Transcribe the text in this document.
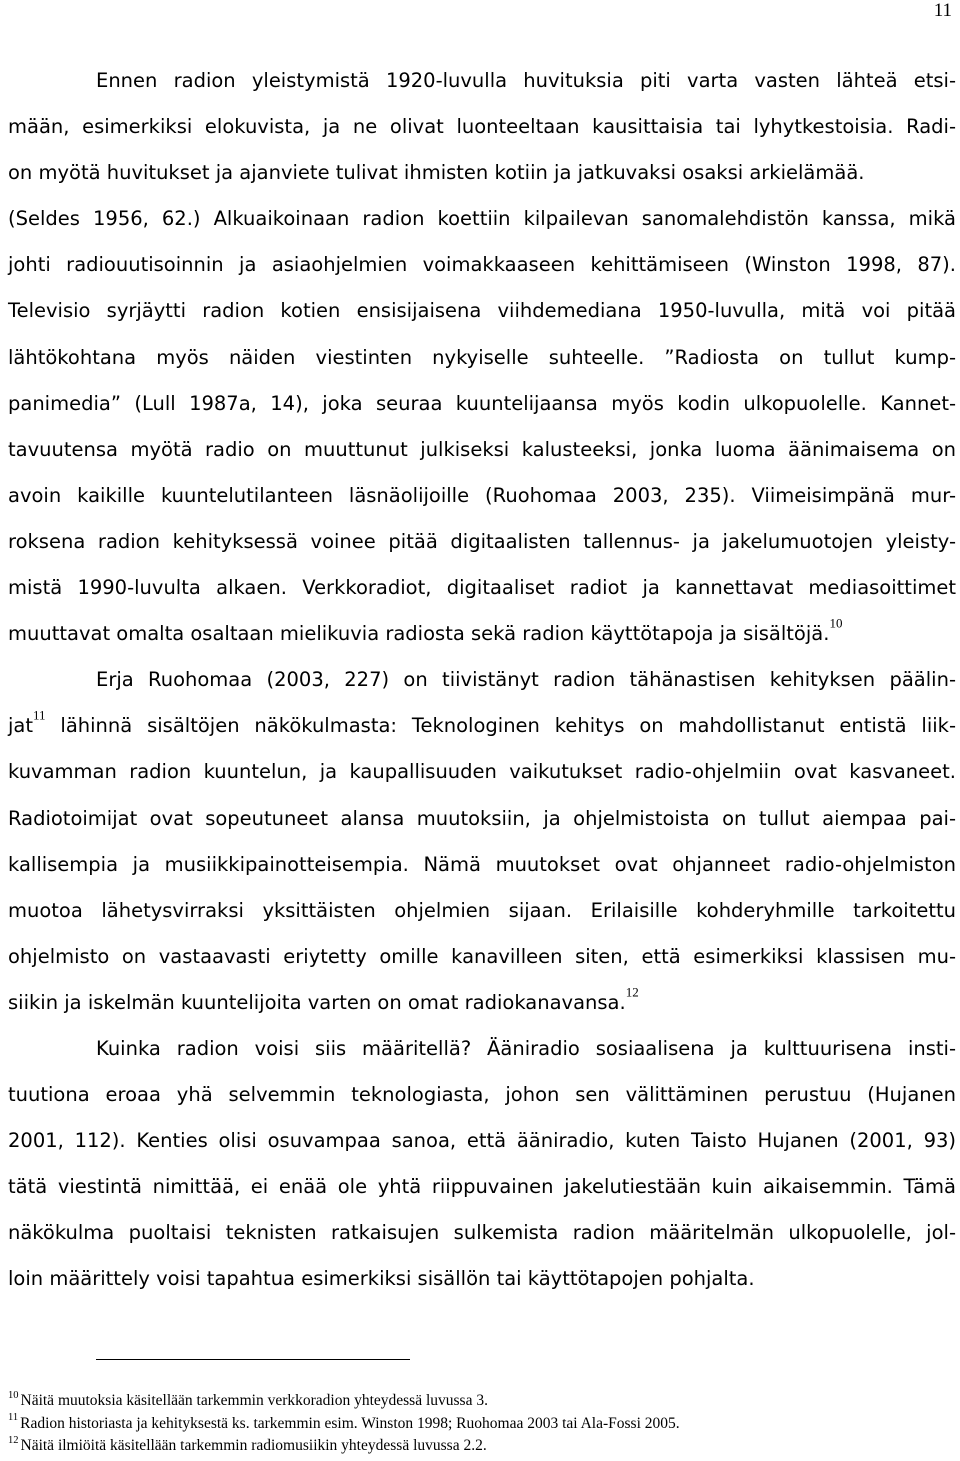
11
Ennen radion yleistymistä 1920-luvulla huvituksia piti varta vasten lähteä etsi-
mään, esimerkiksi elokuvista, ja ne olivat luonteeltaan kausittaisia tai lyhytkestoisia. Radi-
on myötä huvitukset ja ajanviete tulivat ihmisten kotiin ja jatkuvaksi osaksi arkielämää.
(Seldes 1956, 62.) Alkuaikoinaan radion koettiin kilpailevan sanomalehdistön kanssa, mikä
johti radiouutisoinnin ja asiaohjelmien voimakkaaseen kehittämiseen (Winston 1998, 87).
Televisio syrjäytti radion kotien ensisijaisena viihdemediana 1950-luvulla, mitä voi pitää
lähtökohtana myös näiden viestinten nykyiselle suhteelle. ”Radiosta on tullut kump-
panimedia” (Lull 1987a, 14), joka seuraa kuuntelijaansa myös kodin ulkopuolelle. Kannet-
tavuutensa myötä radio on muuttunut julkiseksi kalusteeksi, jonka luoma äänimaisema on
avoin kaikille kuuntelutilanteen läsnäolijoille (Ruohomaa 2003, 235). Viimeisimpänä mur-
roksena radion kehityksessä voinee pitää digitaalisten tallennus- ja jakelumuotojen yleisty-
mistä 1990-luvulta alkaen. Verkkoradiot, digitaaliset radiot ja kannettavat mediasoittimet
muuttavat omalta osaltaan mielikuvia radiosta sekä radion käyttötapoja ja sisältöjä.$^{10}$
Erja Ruohomaa (2003, 227) on tiivistänyt radion tähänastisen kehityksen päälin-
jat$^{11}$ lähinnä sisältöjen näkökulmasta: Teknologinen kehitys on mahdollistanut entistä liik-
kuvamman radion kuuntelun, ja kaupallisuuden vaikutukset radio-ohjelmiin ovat kasvaneet.
Radiotoimijat ovat sopeutuneet alansa muutoksiin, ja ohjelmistoista on tullut aiempaa pai-
kallisempia ja musiikkipainotteisempia. Nämä muutokset ovat ohjanneet radio-ohjelmiston
muotoa lähetysvirraksi yksittäisten ohjelmien sijaan. Erilaisille kohderyhmille tarkoitettu
ohjelmisto on vastaavasti eriytetty omille kanavilleen siten, että esimerkiksi klassisen mu-
siikin ja iskelmän kuuntelijoita varten on omat radiokanavansa.$^{12}$
Kuinka radion voisi siis määritellä? Ääniradio sosiaalisena ja kulttuurisena insti-
tuutiona eroaa yhä selvemmin teknologiasta, johon sen välittäminen perustuu (Hujanen
2001, 112). Kenties olisi osuvampaa sanoa, että ääniradio, kuten Taisto Hujanen (2001, 93)
tätä viestintä nimittää, ei enää ole yhtä riippuvainen jakelutiestään kuin aikaisemmin. Tämä
näkökulma puoltaisi teknisten ratkaisujen sulkemista radion määritelmän ulkopuolelle, jol-
loin määrittely voisi tapahtua esimerkiksi sisällön tai käyttötapojen pohjalta.
$^{10}$ Näitä muutoksia käsitellään tarkemmin verkkoradion yhteydessä luvussa 3.
$^{11}$ Radion historiasta ja kehityksestä ks. tarkemmin esim. Winston 1998; Ruohomaa 2003 tai Ala-Fossi 2005.
$^{12}$ Näitä ilmiöitä käsitellään tarkemmin radiomusiikin yhteydessä luvussa 2.2.
